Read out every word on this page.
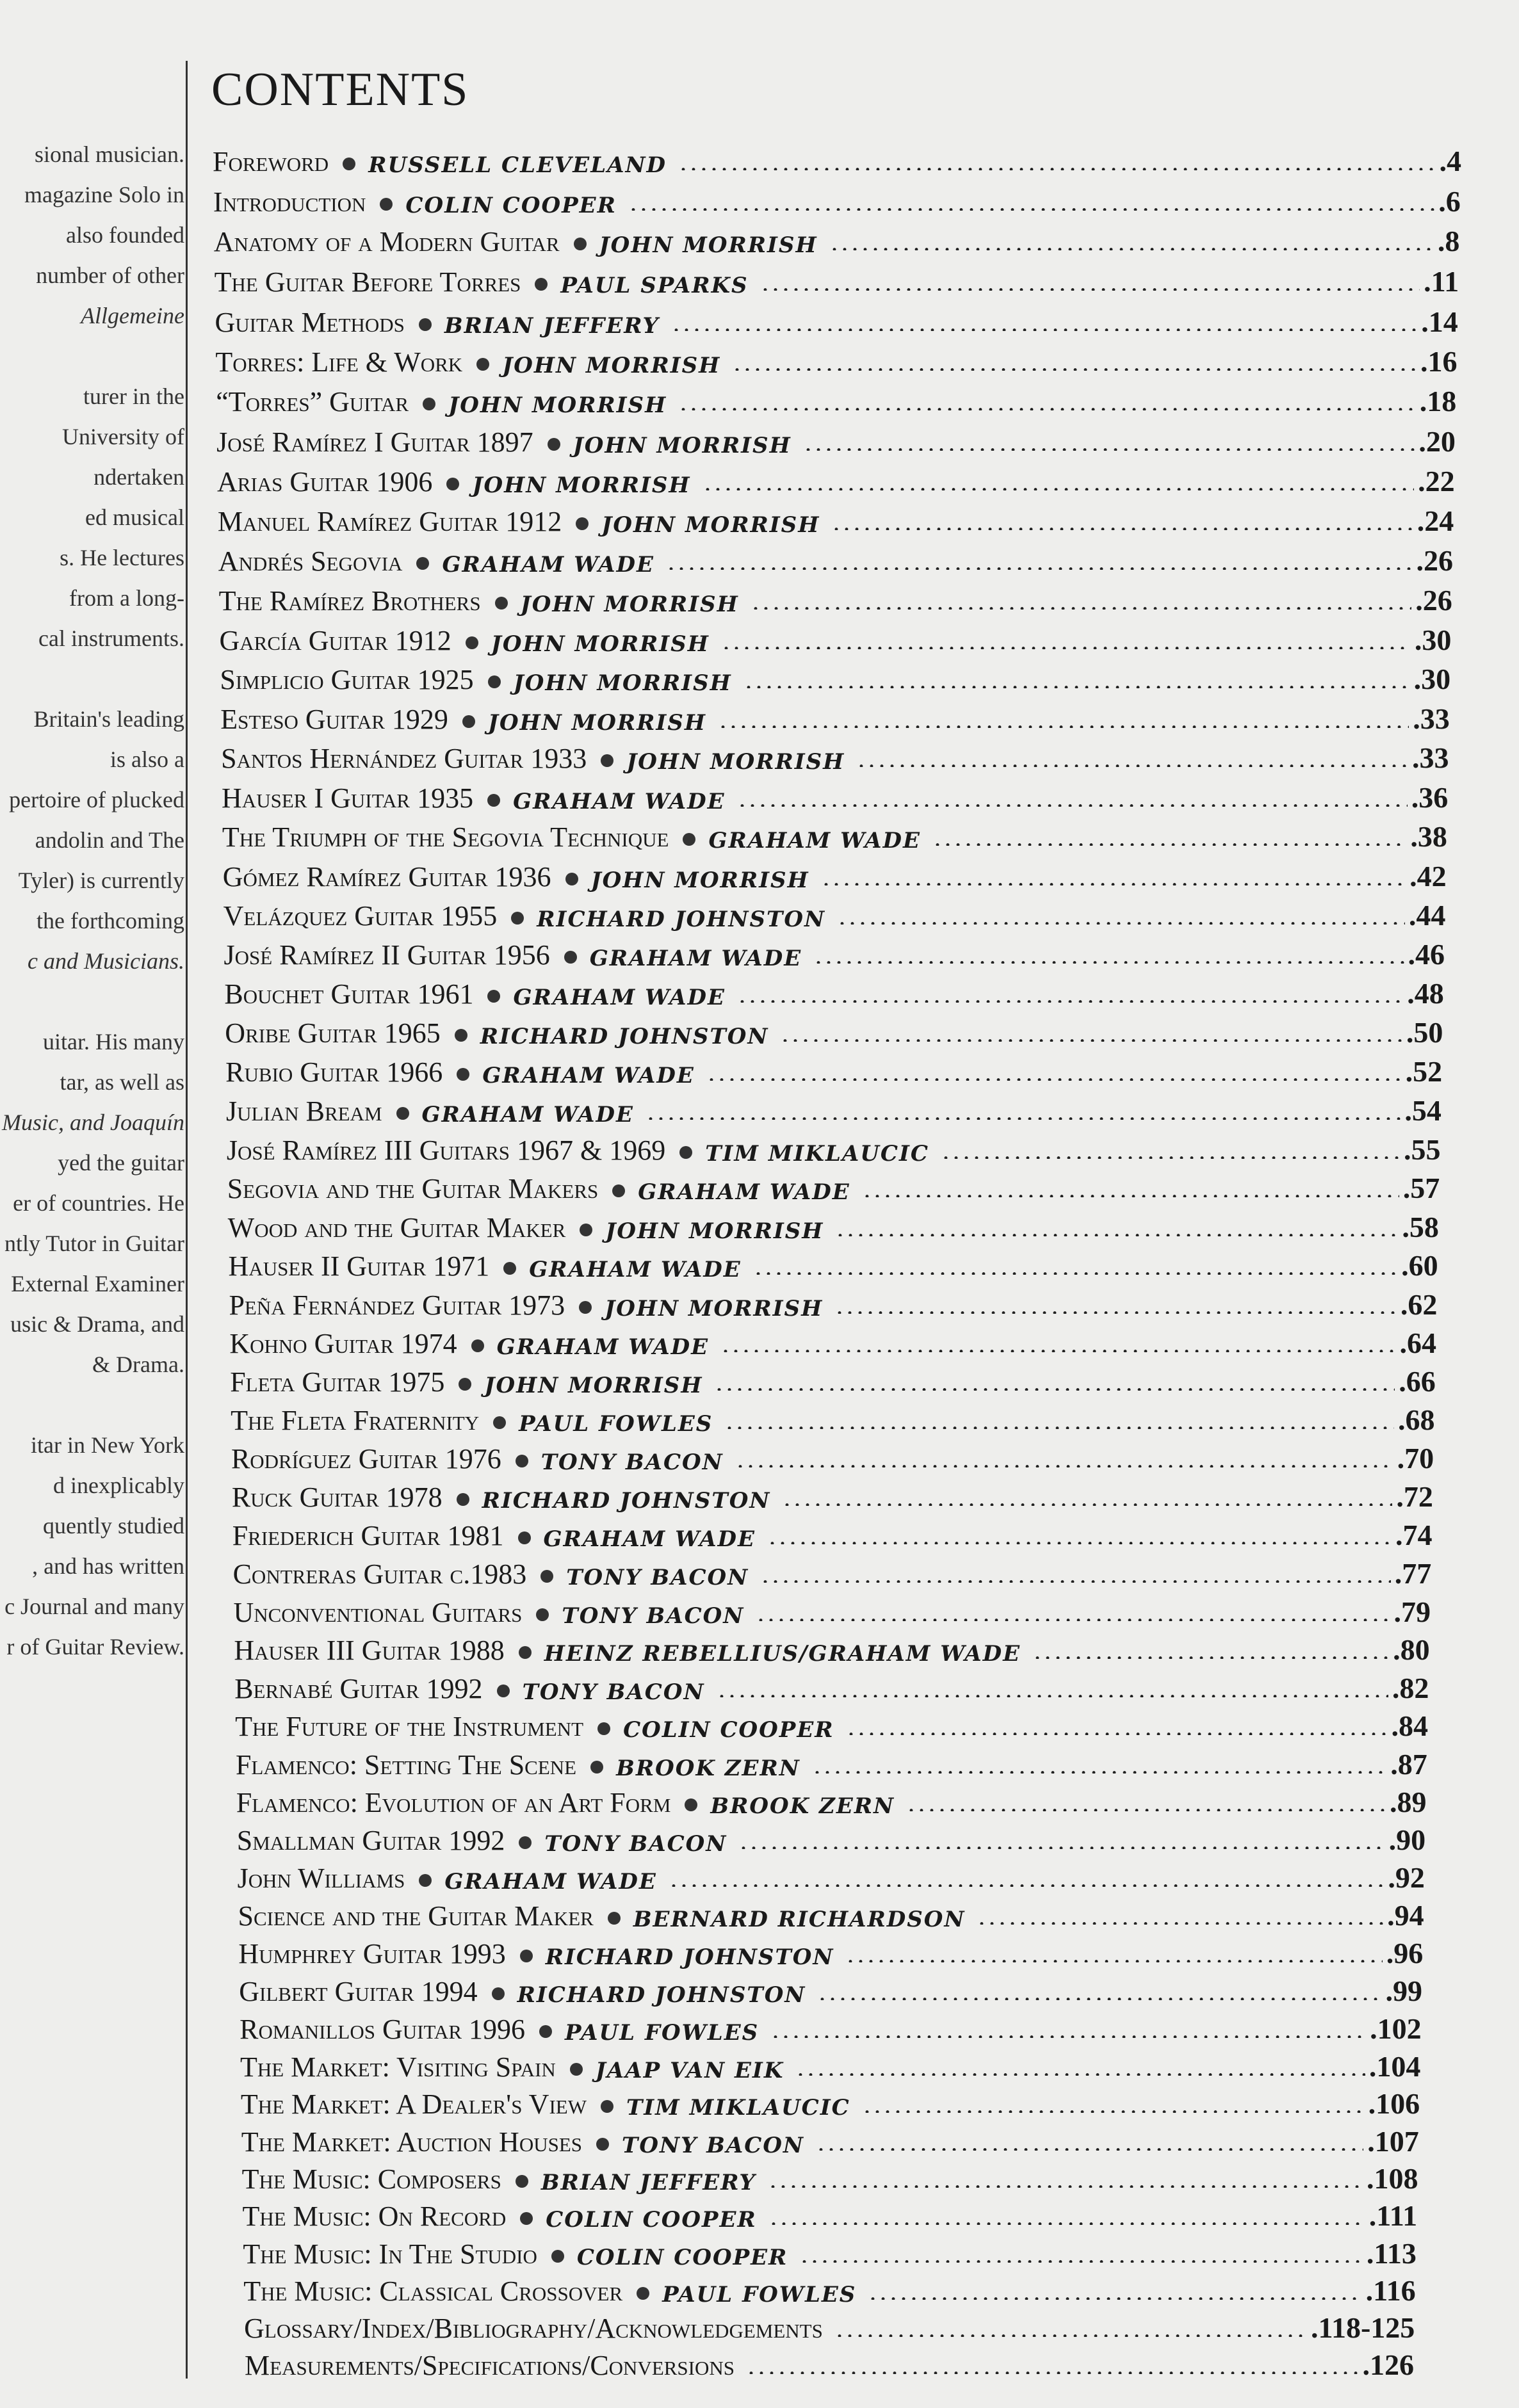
sional musician.
magazine Solo in
also founded
number of other
Allgemeine

turer in the
University of
ndertaken
ed musical
s. He lectures
from a long-
cal instruments.

Britain's leading
is also a
pertoire of plucked
andolin and The
Tyler) is currently
the forthcoming
c and Musicians.

uitar. His many
tar, as well as
Music, and Joaquín
yed the guitar
er of countries. He
ntly Tutor in Guitar
External Examiner
usic & Drama, and
& Drama.

itar in New York
d inexplicably
quently studied
, and has written
c Journal and many
r of Guitar Review.
CONTENTS
Foreword RUSSELL CLEVELAND	.4
Introduction COLIN COOPER	.6
Anatomy of a Modern Guitar JOHN MORRISH	.8
The Guitar Before Torres PAUL SPARKS	.11
Guitar Methods BRIAN JEFFERY	.14
Torres: Life & Work JOHN MORRISH	.16
“Torres” Guitar JOHN MORRISH	.18
José Ramírez I Guitar 1897 JOHN MORRISH	.20
Arias Guitar 1906 JOHN MORRISH	.22
Manuel Ramírez Guitar 1912 JOHN MORRISH	.24
Andrés Segovia GRAHAM WADE	.26
The Ramírez Brothers JOHN MORRISH	.26
García Guitar 1912 JOHN MORRISH	.30
Simplicio Guitar 1925 JOHN MORRISH	.30
Esteso Guitar 1929 JOHN MORRISH	.33
Santos Hernández Guitar 1933 JOHN MORRISH	.33
Hauser I Guitar 1935 GRAHAM WADE	.36
The Triumph of the Segovia Technique GRAHAM WADE	.38
Gómez Ramírez Guitar 1936 JOHN MORRISH	.42
Velázquez Guitar 1955 RICHARD JOHNSTON	.44
José Ramírez II Guitar 1956 GRAHAM WADE	.46
Bouchet Guitar 1961 GRAHAM WADE	.48
Oribe Guitar 1965 RICHARD JOHNSTON	.50
Rubio Guitar 1966 GRAHAM WADE	.52
Julian Bream GRAHAM WADE	.54
José Ramírez III Guitars 1967 & 1969 TIM MIKLAUCIC	.55
Segovia and the Guitar Makers GRAHAM WADE	.57
Wood and the Guitar Maker JOHN MORRISH	.58
Hauser II Guitar 1971 GRAHAM WADE	.60
Peña Fernández Guitar 1973 JOHN MORRISH	.62
Kohno Guitar 1974 GRAHAM WADE	.64
Fleta Guitar 1975 JOHN MORRISH	.66
The Fleta Fraternity PAUL FOWLES	.68
Rodríguez Guitar 1976 TONY BACON	.70
Ruck Guitar 1978 RICHARD JOHNSTON	.72
Friederich Guitar 1981 GRAHAM WADE	.74
Contreras Guitar c.1983 TONY BACON	.77
Unconventional Guitars TONY BACON	.79
Hauser III Guitar 1988 HEINZ REBELLIUS/GRAHAM WADE	.80
Bernabé Guitar 1992 TONY BACON	.82
The Future of the Instrument COLIN COOPER	.84
Flamenco: Setting The Scene BROOK ZERN	.87
Flamenco: Evolution of an Art Form BROOK ZERN	.89
Smallman Guitar 1992 TONY BACON	.90
John Williams GRAHAM WADE	.92
Science and the Guitar Maker BERNARD RICHARDSON	.94
Humphrey Guitar 1993 RICHARD JOHNSTON	.96
Gilbert Guitar 1994 RICHARD JOHNSTON	.99
Romanillos Guitar 1996 PAUL FOWLES	.102
The Market: Visiting Spain JAAP VAN EIK	.104
The Market: A Dealer's View TIM MIKLAUCIC	.106
The Market: Auction Houses TONY BACON	.107
The Music: Composers BRIAN JEFFERY	.108
The Music: On Record COLIN COOPER	.111
The Music: In The Studio COLIN COOPER	.113
The Music: Classical Crossover PAUL FOWLES	.116
Glossary/Index/Bibliography/Acknowledgements	.118-125
Measurements/Specifications/Conversions	.126
